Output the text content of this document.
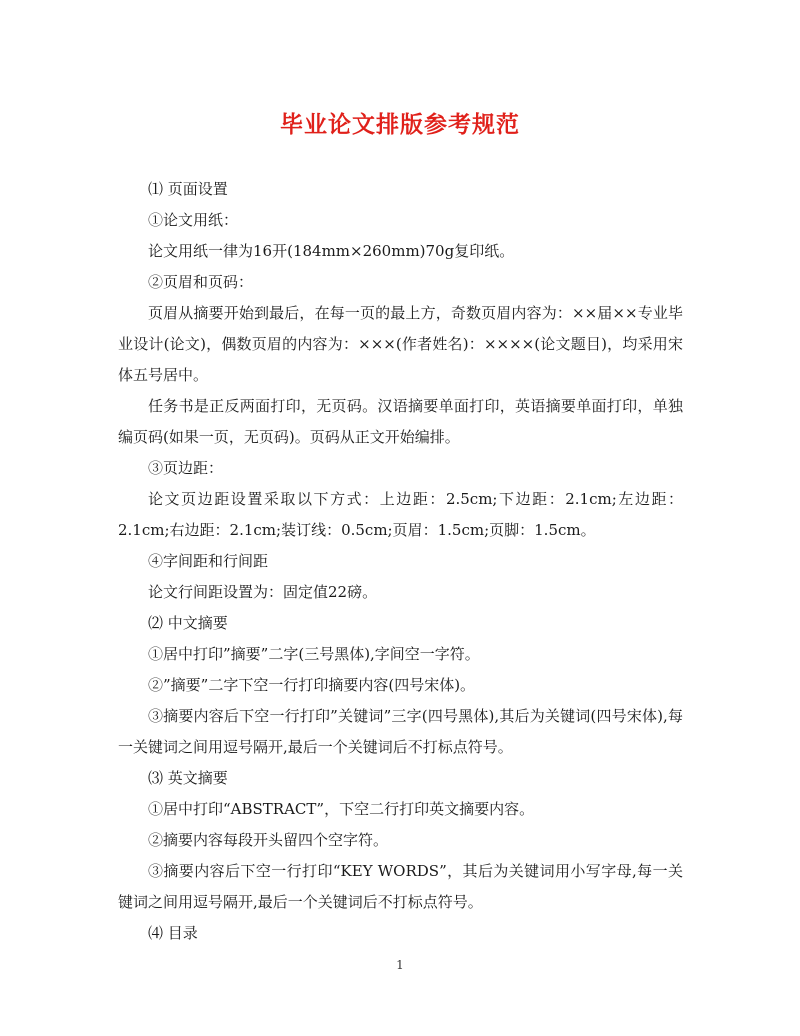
毕业论文排版参考规范

⑴ 页面设置

①论文用纸：

论文用纸一律为16开(184mm×260mm)70g复印纸。

②页眉和页码：

页眉从摘要开始到最后，在每一页的最上方，奇数页眉内容为：××届××专业毕业设计(论文)，偶数页眉的内容为：×××(作者姓名)：××××(论文题目)，均采用宋体五号居中。

任务书是正反两面打印，无页码。汉语摘要单面打印，英语摘要单面打印，单独编页码(如果一页，无页码)。页码从正文开始编排。

③页边距：

论文页边距设置采取以下方式：上边距：2.5cm;下边距：2.1cm;左边距：2.1cm;右边距：2.1cm;装订线：0.5cm;页眉：1.5cm;页脚：1.5cm。

④字间距和行间距

论文行间距设置为：固定值22磅。

⑵ 中文摘要

①居中打印”摘要”二字(三号黑体),字间空一字符。

②”摘要”二字下空一行打印摘要内容(四号宋体)。

③摘要内容后下空一行打印”关键词”三字(四号黑体),其后为关键词(四号宋体),每一关键词之间用逗号隔开,最后一个关键词后不打标点符号。

⑶ 英文摘要

①居中打印“ABSTRACT”，下空二行打印英文摘要内容。

②摘要内容每段开头留四个空字符。

③摘要内容后下空一行打印“KEY WORDS”，其后为关键词用小写字母,每一关键词之间用逗号隔开,最后一个关键词后不打标点符号。

⑷ 目录

1
